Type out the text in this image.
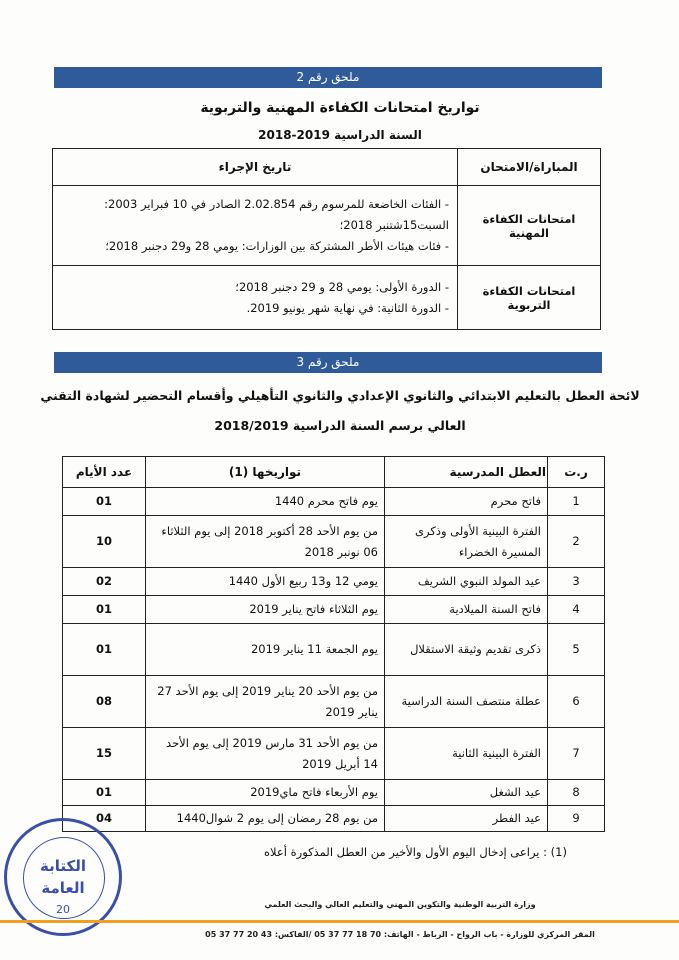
ملحق رقم 2
تواريخ امتحانات الكفاءة المهنية والتربوية
السنة الدراسية 2019-2018
المباراة/الامتحان	تاريخ الإجراء
امتحانات الكفاءة المهنية	- الفئات الخاضعة للمرسوم رقم 2.02.854 الصادر في 10 فبراير 2003:
السبت15شتنبر 2018؛
- فئات هيئات الأطر المشتركة بين الوزارات: يومي 28 و29 دجنبر 2018؛

امتحانات الكفاءة التربوية	- الدورة الأولى: يومي 28 و 29 دجنبر 2018؛
- الدورة الثانية: في نهاية شهر يونيو 2019.
ملحق رقم 3
لائحة العطل بالتعليم الابتدائي والثانوي الإعدادي والثانوي التأهيلي وأقسام التحضير لشهادة التقني
العالي برسم السنة الدراسية 2018/2019
ر.ت	العطل المدرسية	تواريخها (1)	عدد الأيام
1	فاتح محرم	يوم فاتح محرم 1440	01
2	الفترة البينية الأولى وذكرى المسيرة الخضراء	من يوم الأحد 28 أكتوبر 2018 إلى يوم الثلاثاء 06 نونبر 2018	10
3	عيد المولد النبوي الشريف	يومي 12 و13 ربيع الأول 1440	02
4	فاتح السنة الميلادية	يوم الثلاثاء فاتح يناير 2019	01
5	ذكرى تقديم وثيقة الاستقلال	يوم الجمعة 11 يناير 2019	01
6	عطلة منتصف السنة الدراسية	من يوم الأحد 20 يناير 2019 إلى يوم الأحد 27 يناير 2019	08
7	الفترة البينية الثانية	من يوم الأحد 31 مارس 2019 إلى يوم الأحد 14 أبريل 2019	15
8	عيد الشغل	يوم الأربعاء فاتح ماي2019	01
9	عيد الفطر	من يوم 28 رمضان إلى يوم 2 شوال1440	04
(1) : يراعى إدخال اليوم الأول والأخير من العطل المذكورة أعلاه
الكتابة
العامة
20	وزارة التربية الوطنية والتكوين المهني والتعليم العالي والبحث العلمي
المقر المركزي للوزارة - باب الرواح - الرباط - الهاتف: 70 18 77 37 05 /الفاكس: 43 20 77 37 05
